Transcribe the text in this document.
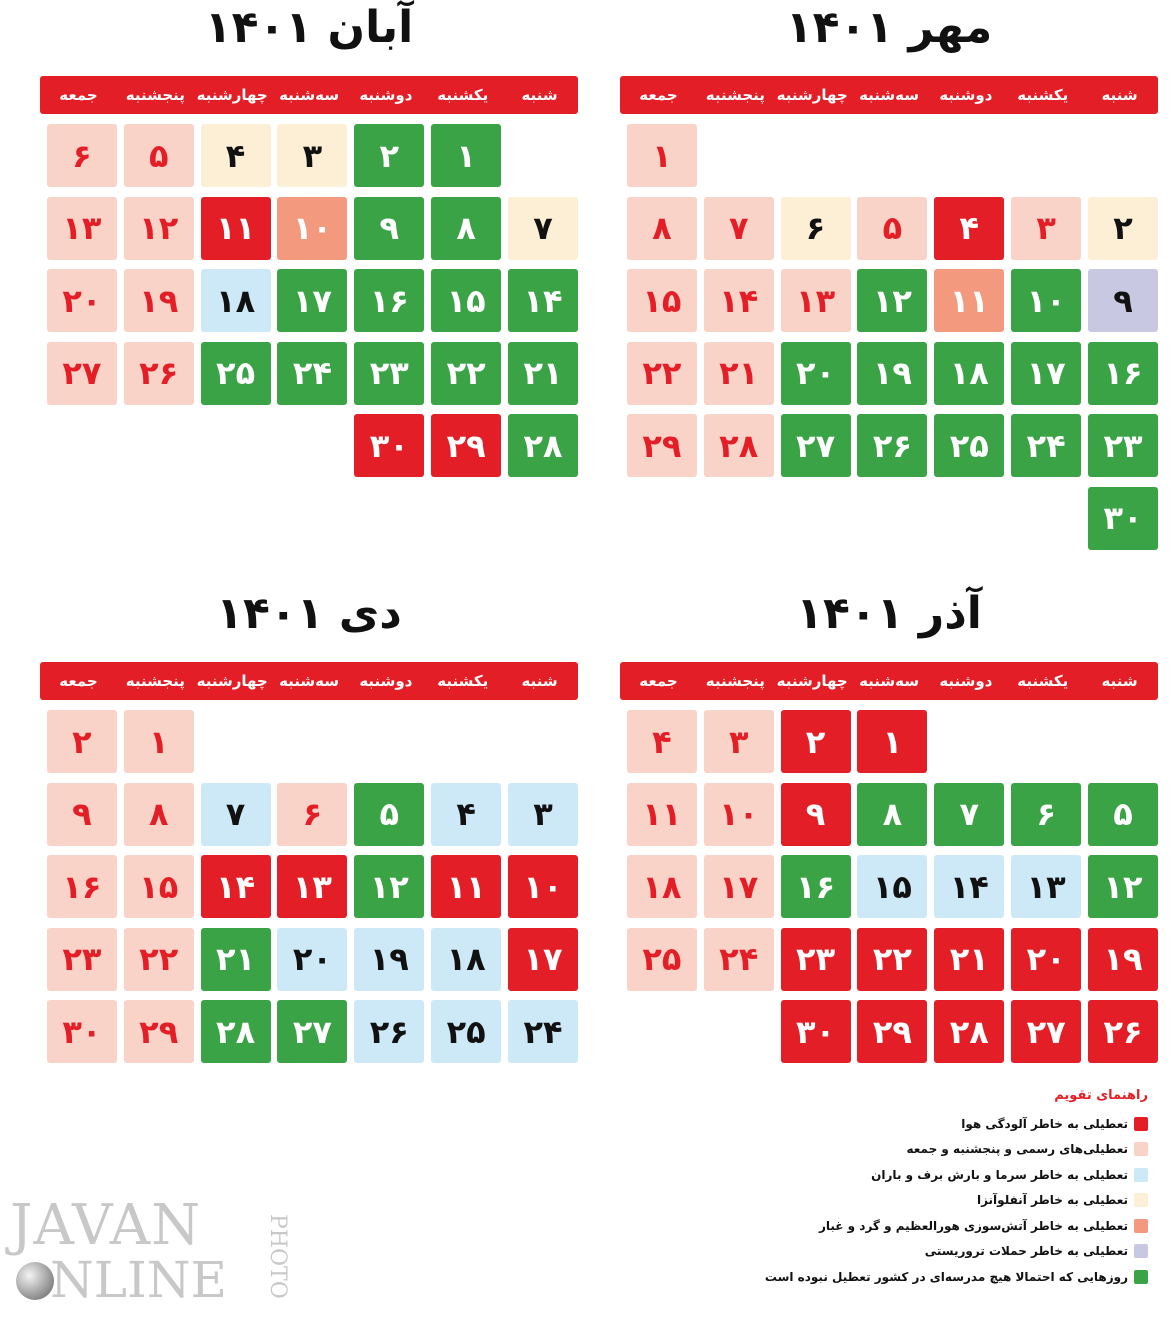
مهر ۱۴۰۱
شنبه
یکشنبه
دوشنبه
سه‌شنبه
چهارشنبه
پنجشنبه
جمعه
۱
۲
۳
۴
۵
۶
۷
۸
۹
۱۰
۱۱
۱۲
۱۳
۱۴
۱۵
۱۶
۱۷
۱۸
۱۹
۲۰
۲۱
۲۲
۲۳
۲۴
۲۵
۲۶
۲۷
۲۸
۲۹
۳۰
آبان ۱۴۰۱
شنبه
یکشنبه
دوشنبه
سه‌شنبه
چهارشنبه
پنجشنبه
جمعه
۱
۲
۳
۴
۵
۶
۷
۸
۹
۱۰
۱۱
۱۲
۱۳
۱۴
۱۵
۱۶
۱۷
۱۸
۱۹
۲۰
۲۱
۲۲
۲۳
۲۴
۲۵
۲۶
۲۷
۲۸
۲۹
۳۰
آذر ۱۴۰۱
شنبه
یکشنبه
دوشنبه
سه‌شنبه
چهارشنبه
پنجشنبه
جمعه
۱
۲
۳
۴
۵
۶
۷
۸
۹
۱۰
۱۱
۱۲
۱۳
۱۴
۱۵
۱۶
۱۷
۱۸
۱۹
۲۰
۲۱
۲۲
۲۳
۲۴
۲۵
۲۶
۲۷
۲۸
۲۹
۳۰
دی ۱۴۰۱
شنبه
یکشنبه
دوشنبه
سه‌شنبه
چهارشنبه
پنجشنبه
جمعه
۱
۲
۳
۴
۵
۶
۷
۸
۹
۱۰
۱۱
۱۲
۱۳
۱۴
۱۵
۱۶
۱۷
۱۸
۱۹
۲۰
۲۱
۲۲
۲۳
۲۴
۲۵
۲۶
۲۷
۲۸
۲۹
۳۰
راهنمای تقویم
تعطیلی به خاطر آلودگی هوا
تعطیلی‌های رسمی و پنجشنبه و جمعه
تعطیلی به خاطر سرما و بارش برف و باران
تعطیلی به خاطر آنفلوآنزا
تعطیلی به خاطر آتش‌سوزی هورالعظیم و گرد و غبار
تعطیلی به خاطر حملات تروریستی
روزهایی که احتمالا هیچ مدرسه‌ای در کشور تعطیل نبوده است
JAVAN
NLINE PHOTO
